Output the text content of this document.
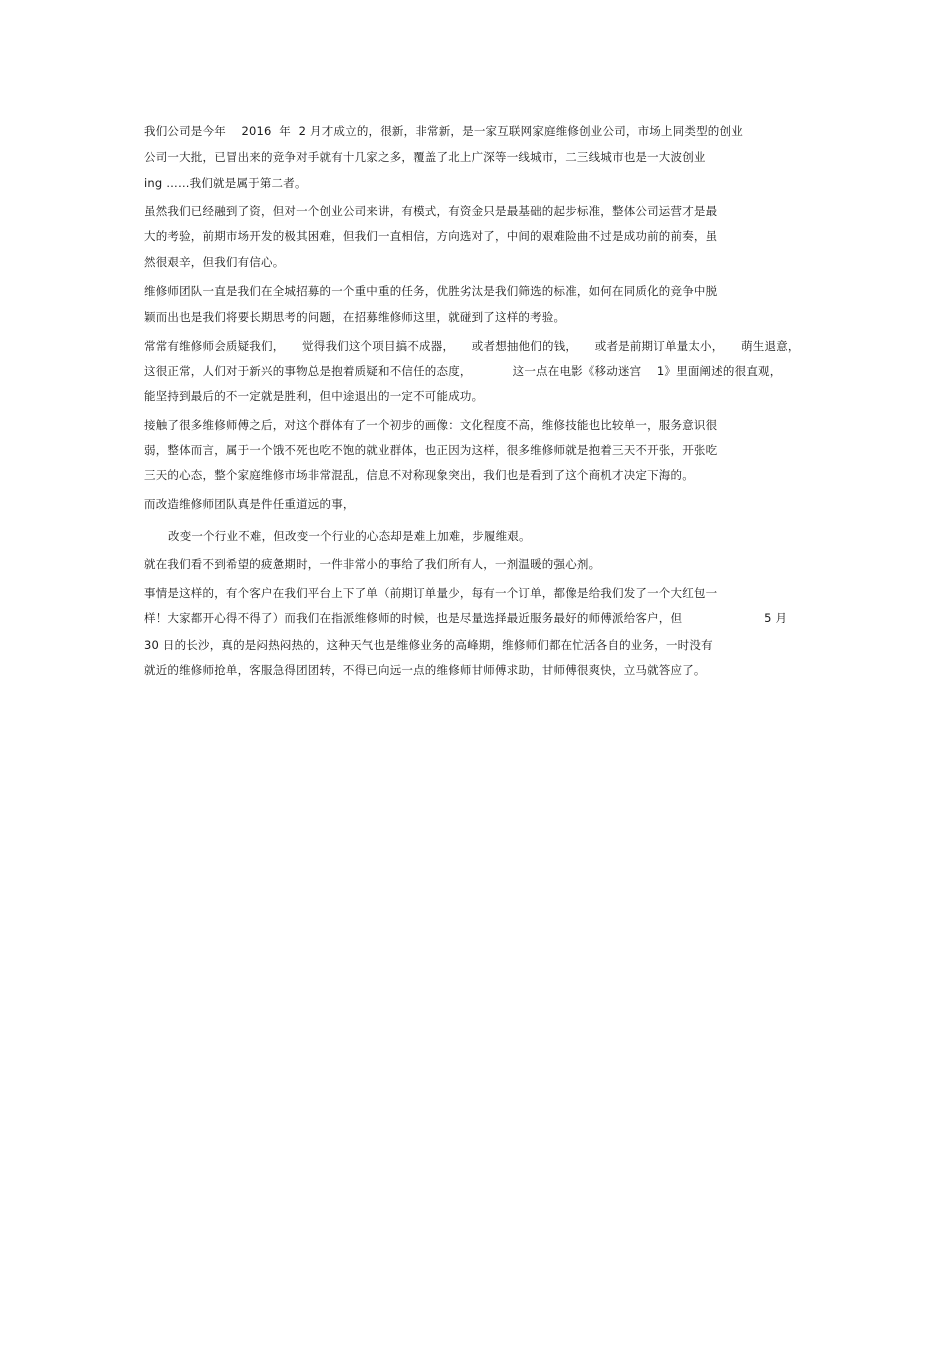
我们公司是今年　 2016  年  2 月才成立的，很新，非常新，是一家互联网家庭维修创业公司，市场上同类型的创业
公司一大批，已冒出来的竞争对手就有十几家之多，覆盖了北上广深等一线城市，二三线城市也是一大波创业
ing ……我们就是属于第二者。
虽然我们已经融到了资，但对一个创业公司来讲，有模式，有资金只是最基础的起步标准，整体公司运营才是最
大的考验，前期市场开发的极其困难，但我们一直相信，方向选对了，中间的艰难险曲不过是成功前的前奏，虽
然很艰辛，但我们有信心。
维修师团队一直是我们在全城招募的一个重中重的任务，优胜劣汰是我们筛选的标准，如何在同质化的竞争中脱
颖而出也是我们将要长期思考的问题，在招募维修师这里，就碰到了这样的考验。
常常有维修师会质疑我们，　　觉得我们这个项目搞不成器，　　或者想抽他们的钱，　　或者是前期订单量太小，　　萌生退意，
这很正常，人们对于新兴的事物总是抱着质疑和不信任的态度，　　　　这一点在电影《移动迷宫　 1》里面阐述的很直观，
能坚持到最后的不一定就是胜利，但中途退出的一定不可能成功。
接触了很多维修师傅之后，对这个群体有了一个初步的画像：文化程度不高，维修技能也比较单一，服务意识很
弱，整体而言，属于一个饿不死也吃不饱的就业群体，也正因为这样，很多维修师就是抱着三天不开张，开张吃
三天的心态，整个家庭维修市场非常混乱，信息不对称现象突出，我们也是看到了这个商机才决定下海的。
而改造维修师团队真是件任重道远的事，
改变一个行业不难，但改变一个行业的心态却是难上加难，步履维艰。
就在我们看不到希望的疲惫期时，一件非常小的事给了我们所有人，一剂温暖的强心剂。
事情是这样的，有个客户在我们平台上下了单（前期订单量少，每有一个订单，都像是给我们发了一个大红包一
样！大家都开心得不得了）而我们在指派维修师的时候，也是尽量选择最近服务最好的师傅派给客户，但　　　　　　　5 月
30 日的长沙，真的是闷热闷热的，这种天气也是维修业务的高峰期，维修师们都在忙活各自的业务，一时没有
就近的维修师抢单，客服急得团团转，不得已向远一点的维修师甘师傅求助，甘师傅很爽快，立马就答应了。
